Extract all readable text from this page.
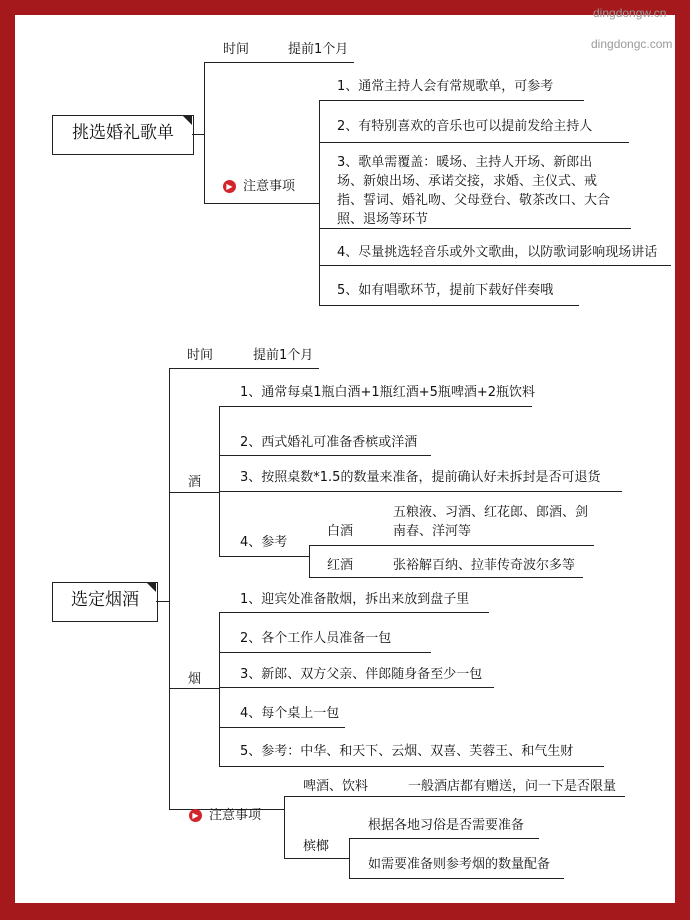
dingdongw.cn
dingdongc.com
挑选婚礼歌单
时间	提前1个月
▶ 注意事项
1、通常主持人会有常规歌单，可参考
2、有特别喜欢的音乐也可以提前发给主持人
3、歌单需覆盖：暖场、主持人开场、新郎出场、新娘出场、承诺交接，求婚、主仪式、戒指、誓词、婚礼吻、父母登台、敬茶改口、大合照、退场等环节
4、尽量挑选轻音乐或外文歌曲，以防歌词影响现场讲话
5、如有唱歌环节，提前下载好伴奏哦
选定烟酒
时间	提前1个月
酒
1、通常每桌1瓶白酒+1瓶红酒+5瓶啤酒+2瓶饮料
2、西式婚礼可准备香槟或洋酒
3、按照桌数*1.5的数量来准备，提前确认好未拆封是否可退货
4、参考
白酒
五粮液、习酒、红花郎、郎酒、剑南春、洋河等
红酒	张裕解百纳、拉菲传奇波尔多等
烟
1、迎宾处准备散烟，拆出来放到盘子里
2、各个工作人员准备一包
3、新郎、双方父亲、伴郎随身备至少一包
4、每个桌上一包
5、参考：中华、和天下、云烟、双喜、芙蓉王、和气生财
▶ 注意事项
啤酒、饮料	一般酒店都有赠送，问一下是否限量
槟榔
根据各地习俗是否需要准备
如需要准备则参考烟的数量配备
